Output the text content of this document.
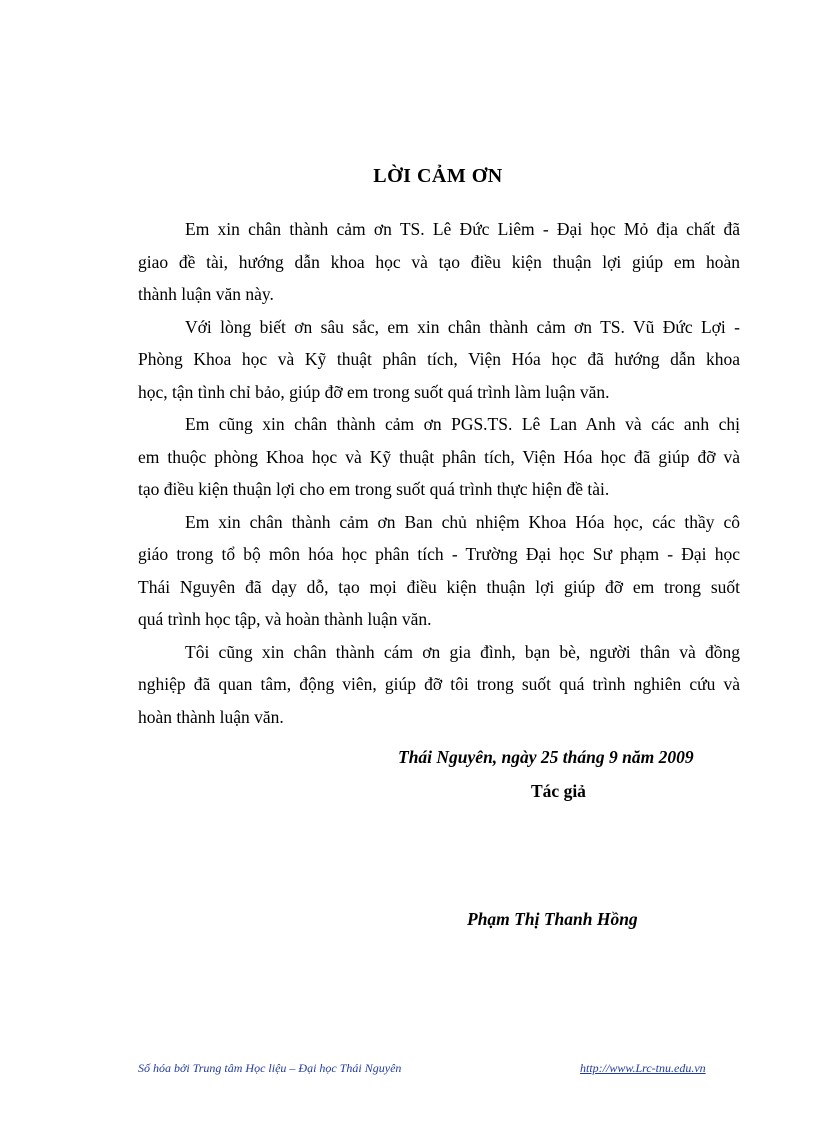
LỜI CẢM ƠN

Em xin chân thành cảm ơn TS. Lê Đức Liêm - Đại học Mỏ địa chất đã
giao đề tài, hướng dẫn khoa học và tạo điều kiện thuận lợi giúp em hoàn
thành luận văn này.

Với lòng biết ơn sâu sắc, em xin chân thành cảm ơn TS. Vũ Đức Lợi -
Phòng Khoa học và Kỹ thuật phân tích, Viện Hóa học đã hướng dẫn khoa
học, tận tình chỉ bảo, giúp đỡ em trong suốt quá trình làm luận văn.

Em cũng xin chân thành cảm ơn PGS.TS. Lê Lan Anh và các anh chị
em thuộc phòng Khoa học và Kỹ thuật phân tích, Viện Hóa học đã giúp đỡ và
tạo điều kiện thuận lợi cho em trong suốt quá trình thực hiện đề tài.

Em xin chân thành cảm ơn Ban chủ nhiệm Khoa Hóa học, các thầy cô
giáo trong tổ bộ môn hóa học phân tích - Trường Đại học Sư phạm - Đại học
Thái Nguyên đã dạy dỗ, tạo mọi điều kiện thuận lợi giúp đỡ em trong suốt
quá trình học tập, và hoàn thành luận văn.

Tôi cũng xin chân thành cám ơn gia đình, bạn bè, người thân và đồng
nghiệp đã quan tâm, động viên, giúp đỡ tôi trong suốt quá trình nghiên cứu và
hoàn thành luận văn.

Thái Nguyên, ngày 25 tháng 9 năm 2009
Tác giả
Phạm Thị Thanh Hồng
Số hóa bởi Trung tâm Học liệu – Đại học Thái Nguyên	http://www.Lrc-tnu.edu.vn
